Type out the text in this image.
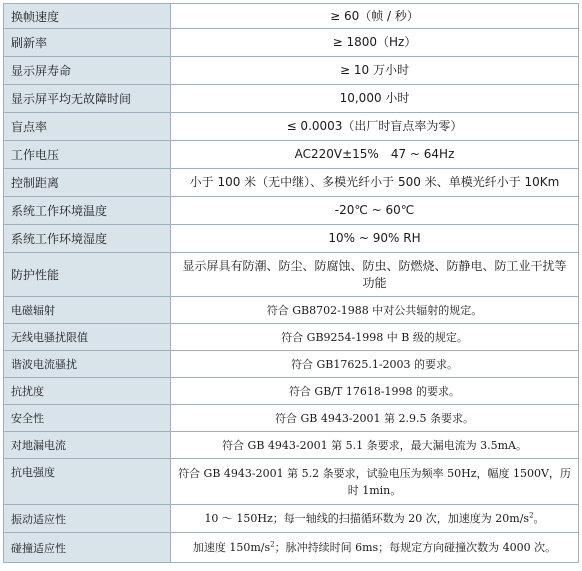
换帧速度	≥ 60（帧 / 秒）
刷新率	≥ 1800（Hz）
显示屏寿命	≥ 10 万小时
显示屏平均无故障时间	10,000 小时
盲点率	≤ 0.0003（出厂时盲点率为零）
工作电压	AC220V±15%　47 ~ 64Hz
控制距离	小于 100 米（无中继）、多模光纤小于 500 米、单模光纤小于 10Km
系统工作环境温度	-20℃ ~ 60℃
系统工作环境湿度	10% ~ 90% RH
防护性能	显示屏具有防潮、防尘、防腐蚀、防虫、防燃烧、防静电、防工业干扰等功能
电磁辐射	符合 GB8702-1988 中对公共辐射的规定。
无线电骚扰限值	符合 GB9254-1998 中 B 级的规定。
谐波电流骚扰	符合 GB17625.1-2003 的要求。
抗扰度	符合 GB/T 17618-1998 的要求。
安全性	符合 GB 4943-2001 第 2.9.5 条要求。
对地漏电流	符合 GB 4943-2001 第 5.1 条要求，最大漏电流为 3.5mA。
抗电强度	符合 GB 4943-2001 第 5.2 条要求，试验电压为频率 50Hz，幅度 1500V，历时 1min。
振动适应性	10 ～ 150Hz；每一轴线的扫描循环数为 20 次，加速度为 $20m/s^2$。
碰撞适应性	加速度 $150m/s^2$；脉冲持续时间 6ms；每规定方向碰撞次数为 4000 次。
